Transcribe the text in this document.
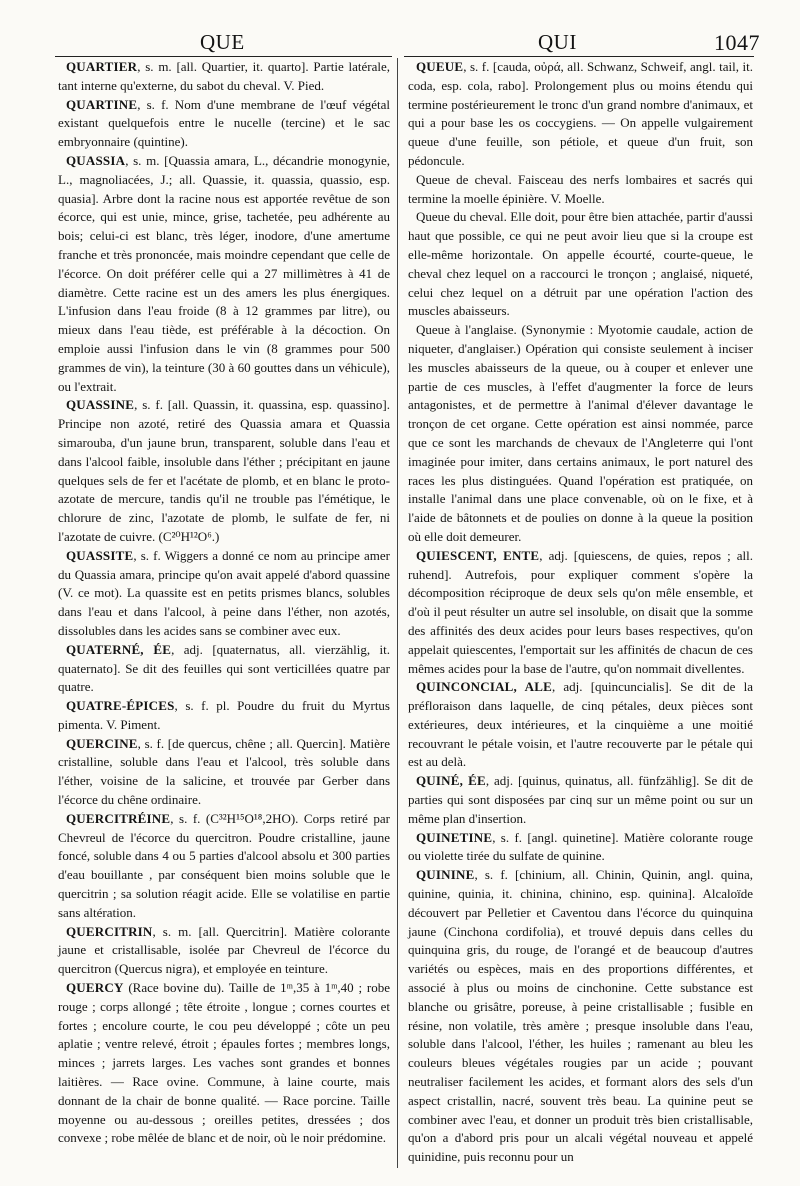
QUE	QUI	1047

QUARTIER, s. m. [all. Quartier, it. quarto]. Partie latérale, tant interne qu'externe, du sabot du cheval. V. Pied.

QUARTINE, s. f. Nom d'une membrane de l'œuf végétal existant quelquefois entre le nucelle (tercine) et le sac embryonnaire (quintine).

QUASSIA, s. m. [Quassia amara, L., décandrie monogynie, L., magnoliacées, J.; all. Quassie, it. quassia, quassio, esp. quasia]. Arbre dont la racine nous est apportée revêtue de son écorce, qui est unie, mince, grise, tachetée, peu adhérente au bois; celui-ci est blanc, très léger, inodore, d'une amertume franche et très prononcée, mais moindre cependant que celle de l'écorce. On doit préférer celle qui a 27 millimètres à 41 de diamètre. Cette racine est un des amers les plus énergiques. L'infusion dans l'eau froide (8 à 12 grammes par litre), ou mieux dans l'eau tiède, est préférable à la décoction. On emploie aussi l'infusion dans le vin (8 grammes pour 500 grammes de vin), la teinture (30 à 60 gouttes dans un véhicule), ou l'extrait.

QUASSINE, s. f. [all. Quassin, it. quassina, esp. quassino]. Principe non azoté, retiré des Quassia amara et Quassia simarouba, d'un jaune brun, transparent, soluble dans l'eau et dans l'alcool faible, insoluble dans l'éther ; précipitant en jaune quelques sels de fer et l'acétate de plomb, et en blanc le proto-azotate de mercure, tandis qu'il ne trouble pas l'émétique, le chlorure de zinc, l'azotate de plomb, le sulfate de fer, ni l'azotate de cuivre. (C²⁰H¹²O⁶.)

QUASSITE, s. f. Wiggers a donné ce nom au principe amer du Quassia amara, principe qu'on avait appelé d'abord quassine (V. ce mot). La quassite est en petits prismes blancs, solubles dans l'eau et dans l'alcool, à peine dans l'éther, non azotés, dissolubles dans les acides sans se combiner avec eux.

QUATERNÉ, ÉE, adj. [quaternatus, all. vierzählig, it. quaternato]. Se dit des feuilles qui sont verticillées quatre par quatre.

QUATRE-ÉPICES, s. f. pl. Poudre du fruit du Myrtus pimenta. V. Piment.

QUERCINE, s. f. [de quercus, chêne ; all. Quercin]. Matière cristalline, soluble dans l'eau et l'alcool, très soluble dans l'éther, voisine de la salicine, et trouvée par Gerber dans l'écorce du chêne ordinaire.

QUERCITRÉINE, s. f. (C³²H¹⁵O¹⁸,2HO). Corps retiré par Chevreul de l'écorce du quercitron. Poudre cristalline, jaune foncé, soluble dans 4 ou 5 parties d'alcool absolu et 300 parties d'eau bouillante , par conséquent bien moins soluble que le quercitrin ; sa solution réagit acide. Elle se volatilise en partie sans altération.

QUERCITRIN, s. m. [all. Quercitrin]. Matière colorante jaune et cristallisable, isolée par Chevreul de l'écorce du quercitron (Quercus nigra), et employée en teinture.

QUERCY (Race bovine du). Taille de 1ᵐ,35 à 1ᵐ,40 ; robe rouge ; corps allongé ; tête étroite , longue ; cornes courtes et fortes ; encolure courte, le cou peu développé ; côte un peu aplatie ; ventre relevé, étroit ; épaules fortes ; membres longs, minces ; jarrets larges. Les vaches sont grandes et bonnes laitières. — Race ovine. Commune, à laine courte, mais donnant de la chair de bonne qualité. — Race porcine. Taille moyenne ou au-dessous ; oreilles petites, dressées ; dos convexe ; robe mêlée de blanc et de noir, où le noir prédomine.

QUEUE, s. f. [cauda, οὐρά, all. Schwanz, Schweif, angl. tail, it. coda, esp. cola, rabo]. Prolongement plus ou moins étendu qui termine postérieurement le tronc d'un grand nombre d'animaux, et qui a pour base les os coccygiens. — On appelle vulgairement queue d'une feuille, son pétiole, et queue d'un fruit, son pédoncule.

Queue de cheval. Faisceau des nerfs lombaires et sacrés qui termine la moelle épinière. V. Moelle.

Queue du cheval. Elle doit, pour être bien attachée, partir d'aussi haut que possible, ce qui ne peut avoir lieu que si la croupe est elle-même horizontale. On appelle écourté, courte-queue, le cheval chez lequel on a raccourci le tronçon ; anglaisé, niqueté, celui chez lequel on a détruit par une opération l'action des muscles abaisseurs.

Queue à l'anglaise. (Synonymie : Myotomie caudale, action de niqueter, d'anglaiser.) Opération qui consiste seulement à inciser les muscles abaisseurs de la queue, ou à couper et enlever une partie de ces muscles, à l'effet d'augmenter la force de leurs antagonistes, et de permettre à l'animal d'élever davantage le tronçon de cet organe. Cette opération est ainsi nommée, parce que ce sont les marchands de chevaux de l'Angleterre qui l'ont imaginée pour imiter, dans certains animaux, le port naturel des races les plus distinguées. Quand l'opération est pratiquée, on installe l'animal dans une place convenable, où on le fixe, et à l'aide de bâtonnets et de poulies on donne à la queue la position où elle doit demeurer.

QUIESCENT, ENTE, adj. [quiescens, de quies, repos ; all. ruhend]. Autrefois, pour expliquer comment s'opère la décomposition réciproque de deux sels qu'on mêle ensemble, et d'où il peut résulter un autre sel insoluble, on disait que la somme des affinités des deux acides pour leurs bases respectives, qu'on appelait quiescentes, l'emportait sur les affinités de chacun de ces mêmes acides pour la base de l'autre, qu'on nommait divellentes.

QUINCONCIAL, ALE, adj. [quincuncialis]. Se dit de la préfloraison dans laquelle, de cinq pétales, deux pièces sont extérieures, deux intérieures, et la cinquième a une moitié recouvrant le pétale voisin, et l'autre recouverte par le pétale qui est au delà.

QUINÉ, ÉE, adj. [quinus, quinatus, all. fünfzählig]. Se dit de parties qui sont disposées par cinq sur un même point ou sur un même plan d'insertion.

QUINETINE, s. f. [angl. quinetine]. Matière colorante rouge ou violette tirée du sulfate de quinine.

QUININE, s. f. [chinium, all. Chinin, Quinin, angl. quina, quinine, quinia, it. chinina, chinino, esp. quinina]. Alcaloïde découvert par Pelletier et Caventou dans l'écorce du quinquina jaune (Cinchona cordifolia), et trouvé depuis dans celles du quinquina gris, du rouge, de l'orangé et de beaucoup d'autres variétés ou espèces, mais en des proportions différentes, et associé à plus ou moins de cinchonine. Cette substance est blanche ou grisâtre, poreuse, à peine cristallisable ; fusible en résine, non volatile, très amère ; presque insoluble dans l'eau, soluble dans l'alcool, l'éther, les huiles ; ramenant au bleu les couleurs bleues végétales rougies par un acide ; pouvant neutraliser facilement les acides, et formant alors des sels d'un aspect cristallin, nacré, souvent très beau. La quinine peut se combiner avec l'eau, et donner un produit très bien cristallisable, qu'on a d'abord pris pour un alcali végétal nouveau et appelé quinidine, puis reconnu pour un
